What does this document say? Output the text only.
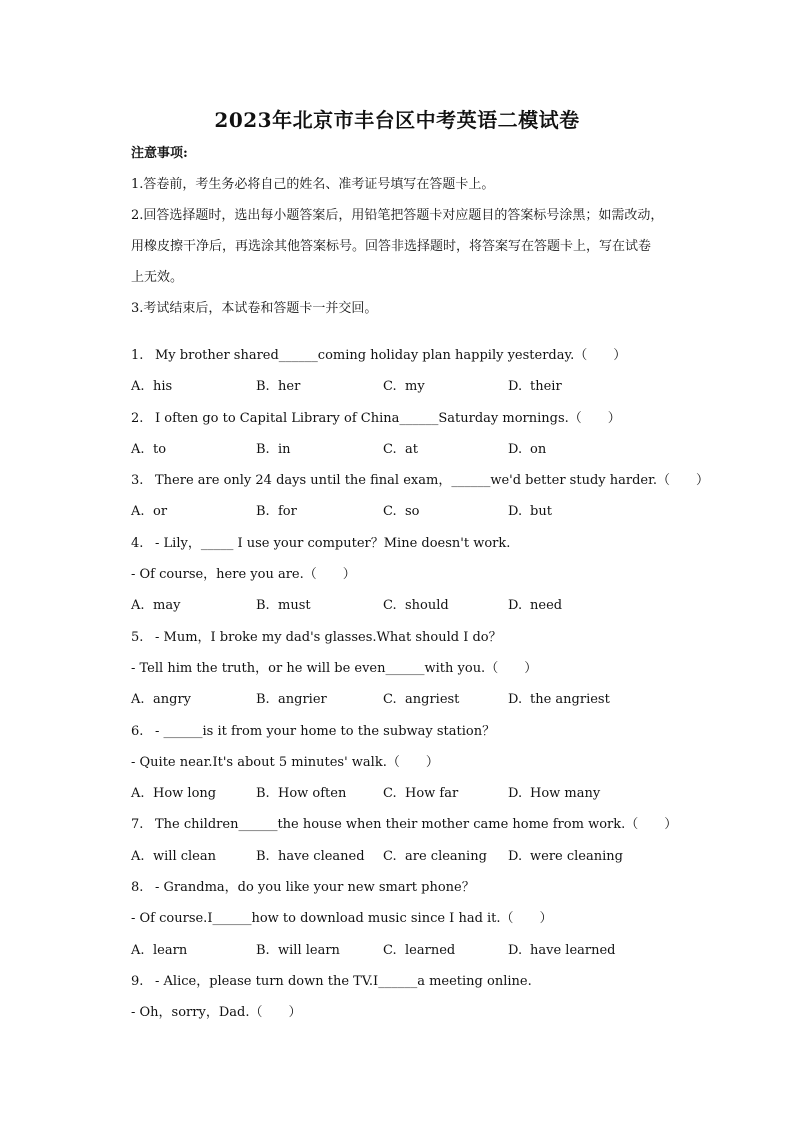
2023年北京市丰台区中考英语二模试卷
注意事项:
1.答卷前，考生务必将自己的姓名、准考证号填写在答题卡上。
2.回答选择题时，选出每小题答案后，用铅笔把答题卡对应题目的答案标号涂黑；如需改动，
用橡皮擦干净后，再选涂其他答案标号。回答非选择题时，将答案写在答题卡上，写在试卷
上无效。
3.考试结束后，本试卷和答题卡一并交回。
1. My brother shared______coming holiday plan happily yesterday.（　　）
A. his	B. her	C. my	D. their
2. I often go to Capital Library of China______Saturday mornings.（　　）
A. to	B. in	C. at	D. on
3. There are only 24 days until the final exam，______we'd better study harder.（　　）
A. or	B. for	C. so	D. but
4. - Lily，_____ I use your computer？Mine doesn't work.
- Of course，here you are.（　　）
A. may	B. must	C. should	D. need
5. - Mum，I broke my dad's glasses.What should I do？
- Tell him the truth，or he will be even______with you.（　　）
A. angry	B. angrier	C. angriest	D. the angriest
6. - ______is it from your home to the subway station？
- Quite near.It's about 5 minutes' walk.（　　）
A. How long	B. How often	C. How far	D. How many
7. The children______the house when their mother came home from work.（　　）
A. will clean	B. have cleaned C. are cleaning D. were cleaning
8. - Grandma，do you like your new smart phone？
- Of course.I______how to download music since I had it.（　　）
A. learn	B. will learn	C. learned	D. have learned
9. - Alice，please turn down the TV.I______a meeting online.
- Oh，sorry，Dad.（　　）
